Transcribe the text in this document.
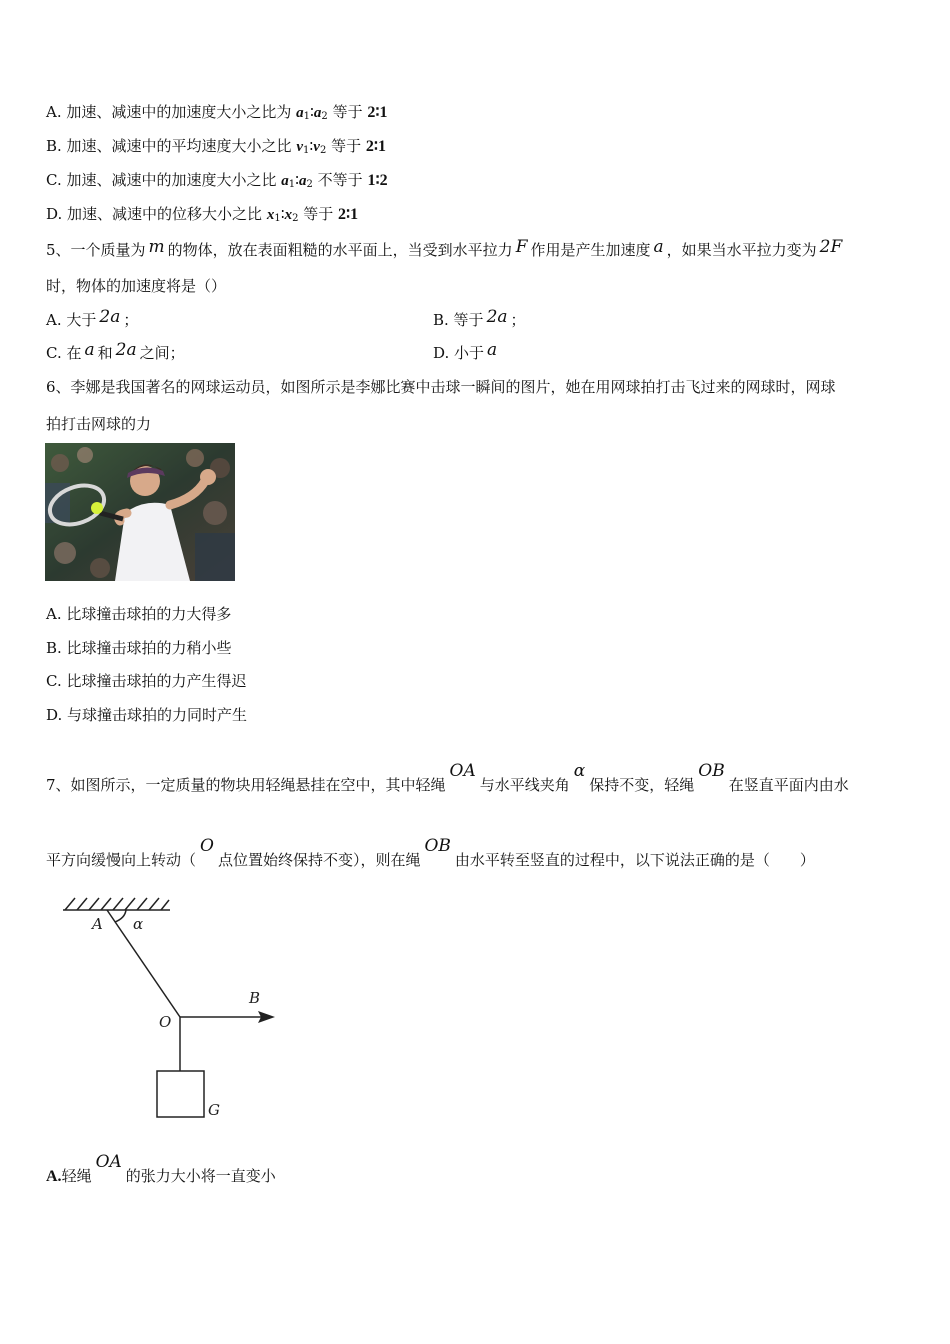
A. 加速、减速中的加速度大小之比为 $a_1∶a_2$ 等于 2∶1
B. 加速、减速中的平均速度大小之比 $v_1∶v_2$ 等于 2∶1
C. 加速、减速中的加速度大小之比 $a_1∶a_2$ 不等于 1∶2
D. 加速、减速中的位移大小之比 $x_1∶x_2$ 等于 2∶1
5、一个质量为 m 的物体，放在表面粗糙的水平面上，当受到水平拉力 F 作用是产生加速度 a ，如果当水平拉力变为 2F
时，物体的加速度将是（）
A. 大于 2a ；	B. 等于 2a ；
C. 在 a 和 2a 之间；	D. 小于 a
6、李娜是我国著名的网球运动员，如图所示是李娜比赛中击球一瞬间的图片，她在用网球拍打击飞过来的网球时，网球
拍打击网球的力
A. 比球撞击球拍的力大得多
B. 比球撞击球拍的力稍小些
C. 比球撞击球拍的力产生得迟
D. 与球撞击球拍的力同时产生
7、如图所示，一定质量的物块用轻绳悬挂在空中，其中轻绳OA与水平线夹角α保持不变，轻绳OB在竖直平面内由水
平方向缓慢向上转动（O点位置始终保持不变），则在绳OB由水平转至竖直的过程中，以下说法正确的是（　　）
A α
B
O
G
A.轻绳OA的张力大小将一直变小
